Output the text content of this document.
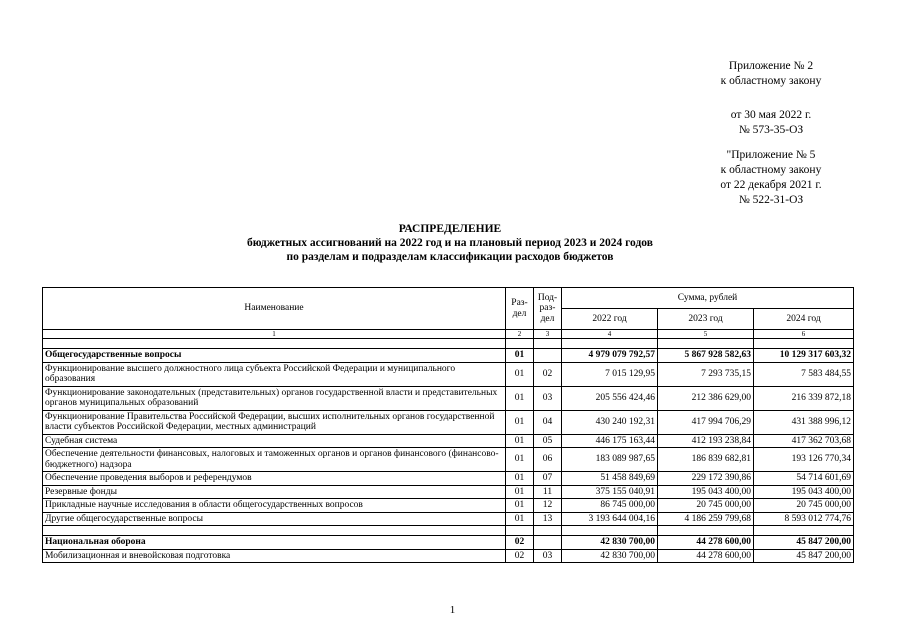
Приложение № 2
к областному закону
от 30 мая 2022 г.
№ 573-35-ОЗ
"Приложение № 5
к областному закону
от 22 декабря 2021 г.
№ 522-31-ОЗ
РАСПРЕДЕЛЕНИЕ
бюджетных ассигнований на 2022 год и на плановый период 2023 и 2024 годов
по разделам и подразделам классификации расходов бюджетов
Наименование	Раз-дел	Под-раз-дел	Сумма, рублей		
			2022 год	2023 год	2024 год
1	2	3	4	5	6

Общегосударственные вопросы	01		4 979 079 792,57	5 867 928 582,63	10 129 317 603,32
Функционирование высшего должностного лица субъекта Российской Федерации и муниципального образования	01	02	7 015 129,95	7 293 735,15	7 583 484,55
Функционирование законодательных (представительных) органов государственной власти и представительных органов муниципальных образований	01	03	205 556 424,46	212 386 629,00	216 339 872,18
Функционирование Правительства Российской Федерации, высших исполнительных органов государственной власти субъектов Российской Федерации, местных администраций	01	04	430 240 192,31	417 994 706,29	431 388 996,12
Судебная система	01	05	446 175 163,44	412 193 238,84	417 362 703,68
Обеспечение деятельности финансовых, налоговых и таможенных органов и органов финансового (финансово-бюджетного) надзора	01	06	183 089 987,65	186 839 682,81	193 126 770,34
Обеспечение проведения выборов и референдумов	01	07	51 458 849,69	229 172 390,86	54 714 601,69
Резервные фонды	01	11	375 155 040,91	195 043 400,00	195 043 400,00
Прикладные научные исследования в области общегосударственных вопросов	01	12	86 745 000,00	20 745 000,00	20 745 000,00
Другие общегосударственные вопросы	01	13	3 193 644 004,16	4 186 259 799,68	8 593 012 774,76

Национальная оборона	02		42 830 700,00	44 278 600,00	45 847 200,00
Мобилизационная и вневойсковая подготовка	02	03	42 830 700,00	44 278 600,00	45 847 200,00
1
